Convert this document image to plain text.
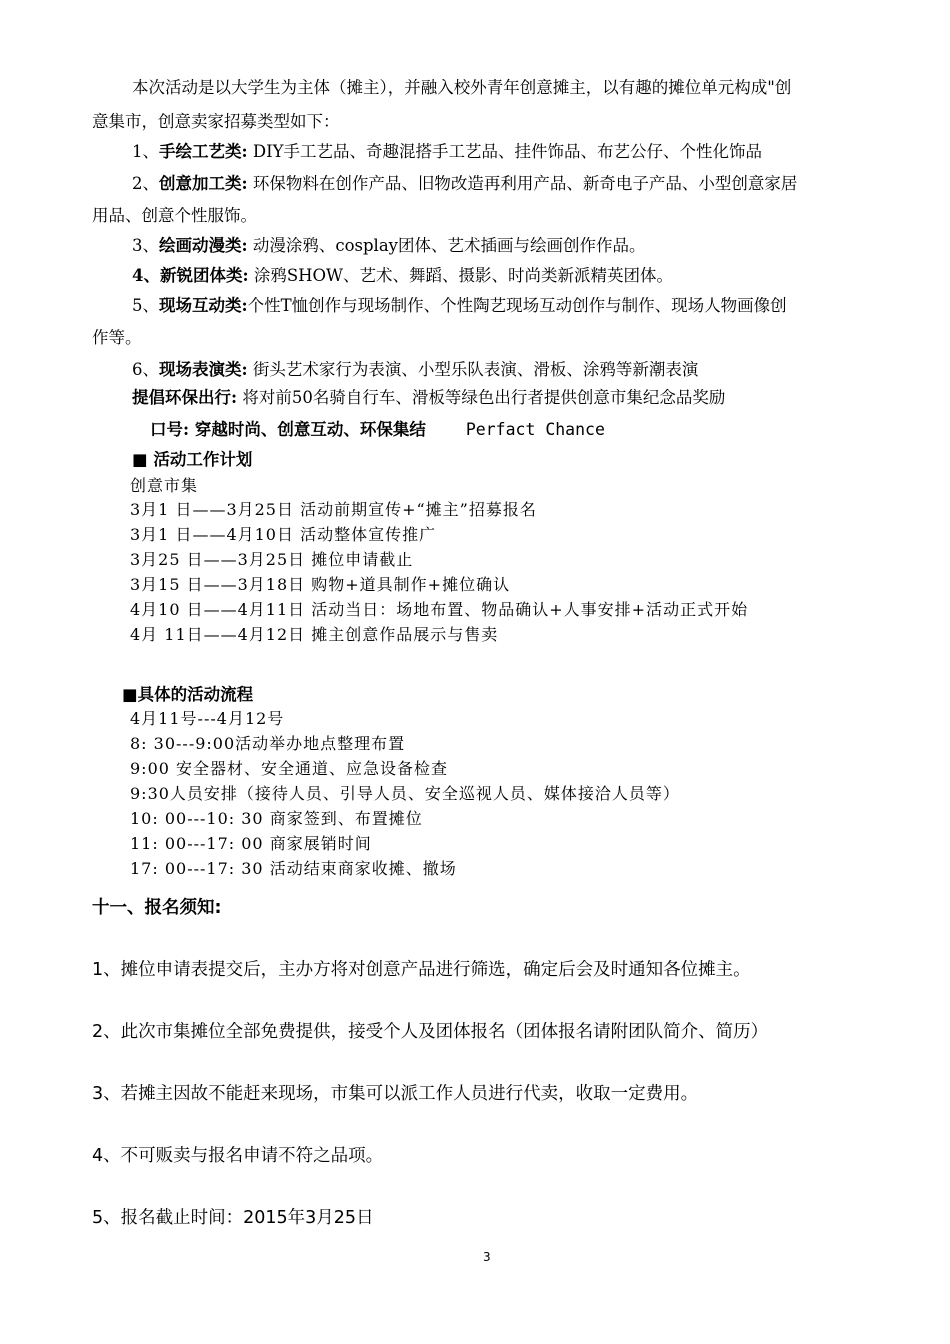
本次活动是以大学生为主体（摊主），并融入校外青年创意摊主，以有趣的摊位单元构成"创
意集市，创意卖家招募类型如下：
1、手绘工艺类: DIY手工艺品、奇趣混搭手工艺品、挂件饰品、布艺公仔、个性化饰品
2、创意加工类: 环保物料在创作产品、旧物改造再利用产品、新奇电子产品、小型创意家居
用品、创意个性服饰。
3、绘画动漫类: 动漫涂鸦、cosplay团体、艺术插画与绘画创作作品。
4、新锐团体类: 涂鸦SHOW、艺术、舞蹈、摄影、时尚类新派精英团体。
5、现场互动类:个性T恤创作与现场制作、个性陶艺现场互动创作与制作、现场人物画像创
作等。
6、现场表演类: 街头艺术家行为表演、小型乐队表演、滑板、涂鸦等新潮表演
提倡环保出行: 将对前50名骑自行车、滑板等绿色出行者提供创意市集纪念品奖励
口号: 穿越时尚、创意互动、环保集结 Perfact Chance
■ 活动工作计划
创意市集
3月1 日——3月25日 活动前期宣传+“摊主”招募报名
3月1 日——4月10日 活动整体宣传推广
3月25 日——3月25日 摊位申请截止
3月15 日——3月18日 购物+道具制作+摊位确认
4月10 日——4月11日 活动当日：场地布置、物品确认+人事安排+活动正式开始
4月 11日——4月12日 摊主创意作品展示与售卖
■具体的活动流程
4月11号---4月12号
8: 30---9:00活动举办地点整理布置
9:00 安全器材、安全通道、应急设备检查
9:30人员安排（接待人员、引导人员、安全巡视人员、媒体接洽人员等）
10: 00---10: 30 商家签到、布置摊位
11: 00---17: 00 商家展销时间
17: 00---17: 30 活动结束商家收摊、撤场
十一、报名须知:
1、摊位申请表提交后，主办方将对创意产品进行筛选，确定后会及时通知各位摊主。
2、此次市集摊位全部免费提供，接受个人及团体报名（团体报名请附团队简介、简历）
3、若摊主因故不能赶来现场，市集可以派工作人员进行代卖，收取一定费用。
4、不可贩卖与报名申请不符之品项。
5、报名截止时间：2015年3月25日
3
